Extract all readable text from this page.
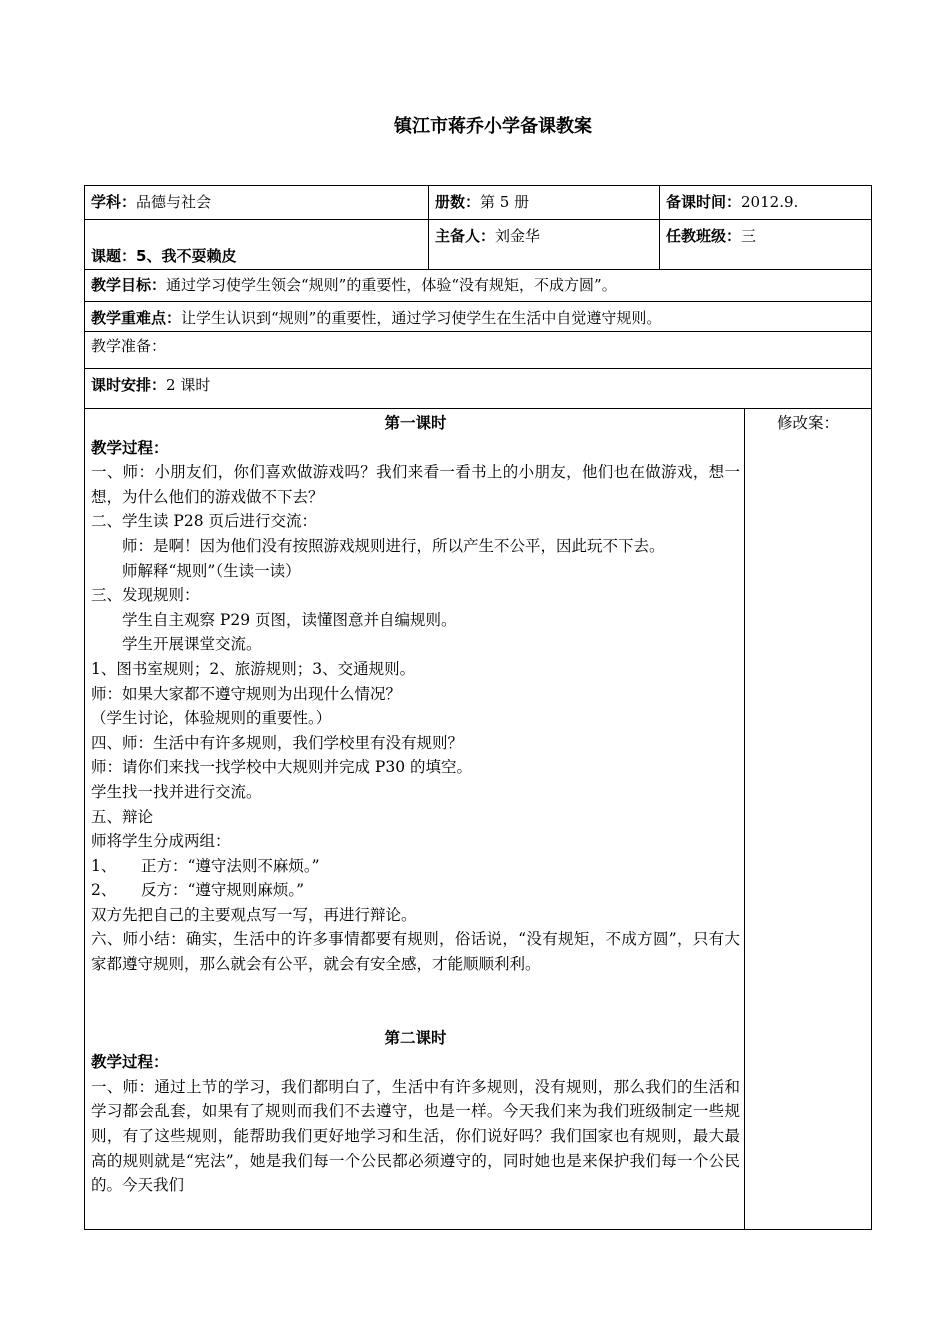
镇江市蒋乔小学备课教案
学科：品德与社会	册数：第 5 册	备课时间：2012.9.
课题：5、我不耍赖皮
主备人：刘金华	任教班级：三
教学目标：通过学习使学生领会“规则”的重要性，体验“没有规矩，不成方圆”。
教学重难点：让学生认识到“规则”的重要性，通过学习使学生在生活中自觉遵守规则。
教学准备：
课时安排：2 课时

第一课时

教学过程：

一、师：小朋友们，你们喜欢做游戏吗？我们来看一看书上的小朋友，他们也在做游戏，想一想，为什么他们的游戏做不下去？

二、学生读 P28 页后进行交流：

师：是啊！因为他们没有按照游戏规则进行，所以产生不公平，因此玩不下去。

师解释“规则”（生读一读）

三、发现规则：

学生自主观察 P29 页图，读懂图意并自编规则。

学生开展课堂交流。

1、图书室规则；2、旅游规则；3、交通规则。

师：如果大家都不遵守规则为出现什么情况？

（学生讨论，体验规则的重要性。）

四、师：生活中有许多规则，我们学校里有没有规则？

师：请你们来找一找学校中大规则并完成 P30 的填空。

学生找一找并进行交流。

五、辩论

师将学生分成两组：

1、 正方：“遵守法则不麻烦。”

2、 反方：“遵守规则麻烦。”

双方先把自己的主要观点写一写，再进行辩论。

六、师小结：确实，生活中的许多事情都要有规则，俗话说，“没有规矩，不成方圆”，只有大家都遵守规则，那么就会有公平，就会有安全感，才能顺顺利利。

第二课时

教学过程：

一、师：通过上节的学习，我们都明白了，生活中有许多规则，没有规则，那么我们的生活和学习都会乱套，如果有了规则而我们不去遵守，也是一样。今天我们来为我们班级制定一些规则，有了这些规则，能帮助我们更好地学习和生活，你们说好吗？我们国家也有规则，最大最高的规则就是“宪法”，她是我们每一个公民都必须遵守的，同时她也是来保护我们每一个公民的。今天我们

修改案：
